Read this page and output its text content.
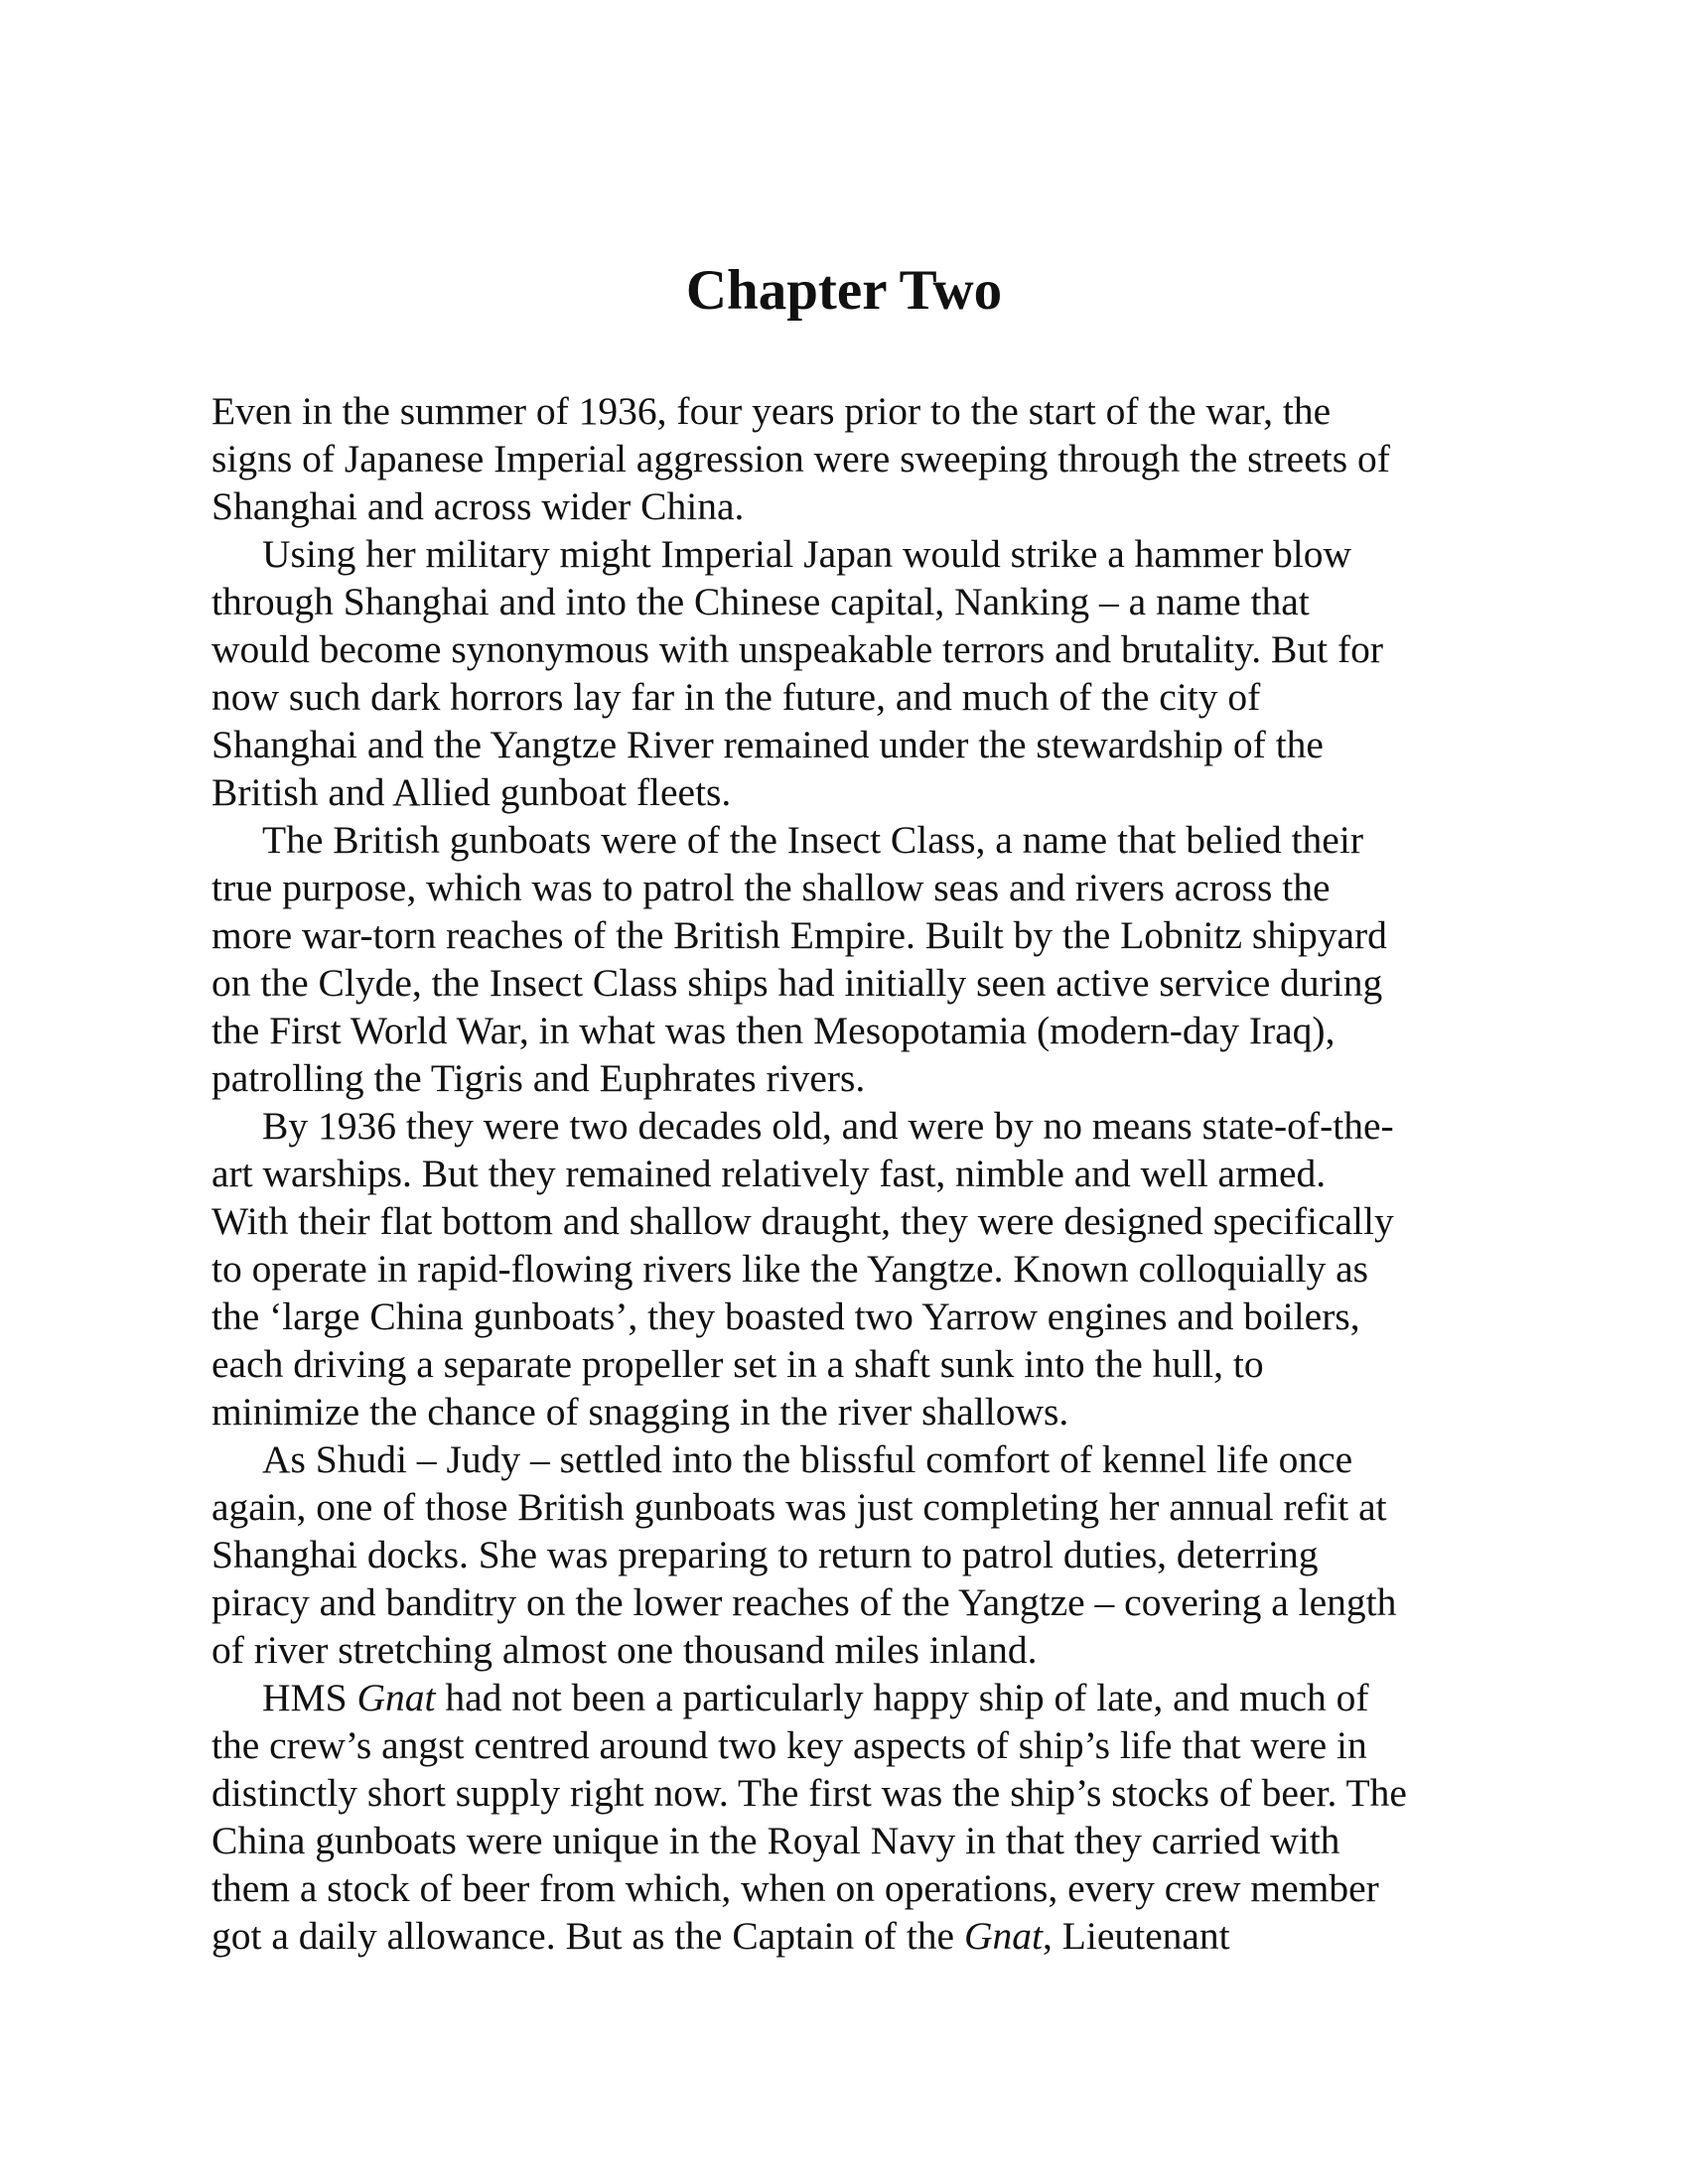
Chapter Two

Even in the summer of 1936, four years prior to the start of the war, the
signs of Japanese Imperial aggression were sweeping through the streets of
Shanghai and across wider China.

Using her military might Imperial Japan would strike a hammer blow
through Shanghai and into the Chinese capital, Nanking – a name that
would become synonymous with unspeakable terrors and brutality. But for
now such dark horrors lay far in the future, and much of the city of
Shanghai and the Yangtze River remained under the stewardship of the
British and Allied gunboat fleets.

The British gunboats were of the Insect Class, a name that belied their
true purpose, which was to patrol the shallow seas and rivers across the
more war-torn reaches of the British Empire. Built by the Lobnitz shipyard
on the Clyde, the Insect Class ships had initially seen active service during
the First World War, in what was then Mesopotamia (modern-day Iraq),
patrolling the Tigris and Euphrates rivers.

By 1936 they were two decades old, and were by no means state-of-the-
art warships. But they remained relatively fast, nimble and well armed.
With their flat bottom and shallow draught, they were designed specifically
to operate in rapid-flowing rivers like the Yangtze. Known colloquially as
the ‘large China gunboats’, they boasted two Yarrow engines and boilers,
each driving a separate propeller set in a shaft sunk into the hull, to
minimize the chance of snagging in the river shallows.

As Shudi – Judy – settled into the blissful comfort of kennel life once
again, one of those British gunboats was just completing her annual refit at
Shanghai docks. She was preparing to return to patrol duties, deterring
piracy and banditry on the lower reaches of the Yangtze – covering a length
of river stretching almost one thousand miles inland.

HMS Gnat had not been a particularly happy ship of late, and much of
the crew’s angst centred around two key aspects of ship’s life that were in
distinctly short supply right now. The first was the ship’s stocks of beer. The
China gunboats were unique in the Royal Navy in that they carried with
them a stock of beer from which, when on operations, every crew member
got a daily allowance. But as the Captain of the Gnat, Lieutenant
